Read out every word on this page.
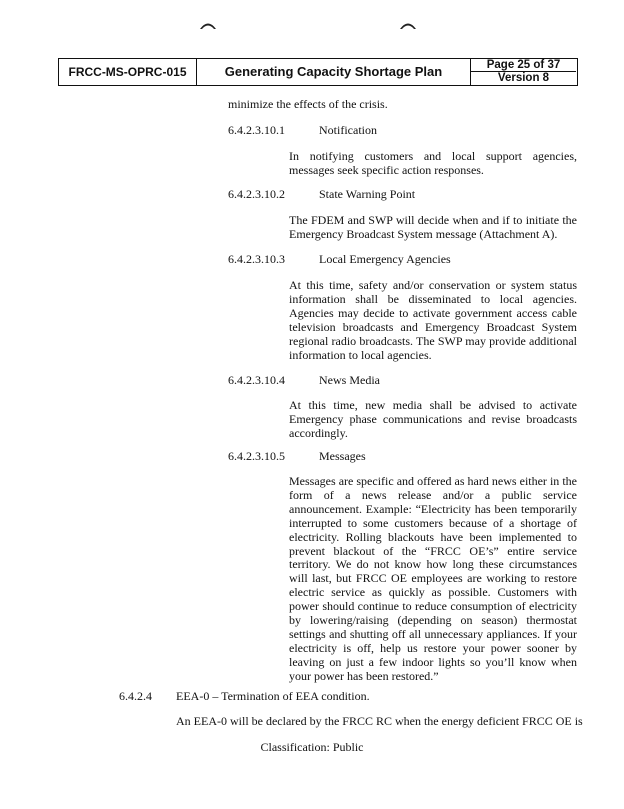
FRCC-MS-OPRC-015	Generating Capacity Shortage Plan	Page 25 of 37
Version 8
minimize the effects of the crisis.
6.4.2.3.10.1	Notification
In notifying customers and local support agencies, messages seek specific action responses.
6.4.2.3.10.2	State Warning Point
The FDEM and SWP will decide when and if to initiate the Emergency Broadcast System message (Attachment A).
6.4.2.3.10.3	Local Emergency Agencies
At this time, safety and/or conservation or system status information shall be disseminated to local agencies. Agencies may decide to activate government access cable television broadcasts and Emergency Broadcast System regional radio broadcasts. The SWP may provide additional information to local agencies.
6.4.2.3.10.4	News Media
At this time, new media shall be advised to activate Emergency phase communications and revise broadcasts accordingly.
6.4.2.3.10.5	Messages
Messages are specific and offered as hard news either in the form of a news release and/or a public service announcement. Example: “Electricity has been temporarily interrupted to some customers because of a shortage of electricity. Rolling blackouts have been implemented to prevent blackout of the “FRCC OE’s” entire service territory. We do not know how long these circumstances will last, but FRCC OE employees are working to restore electric service as quickly as possible. Customers with power should continue to reduce consumption of electricity by lowering/raising (depending on season) thermostat settings and shutting off all unnecessary appliances. If your electricity is off, help us restore your power sooner by leaving on just a few indoor lights so you’ll know when your power has been restored.”
6.4.2.4 EEA-0 – Termination of EEA condition.
An EEA-0 will be declared by the FRCC RC when the energy deficient FRCC OE is
Classification: Public
